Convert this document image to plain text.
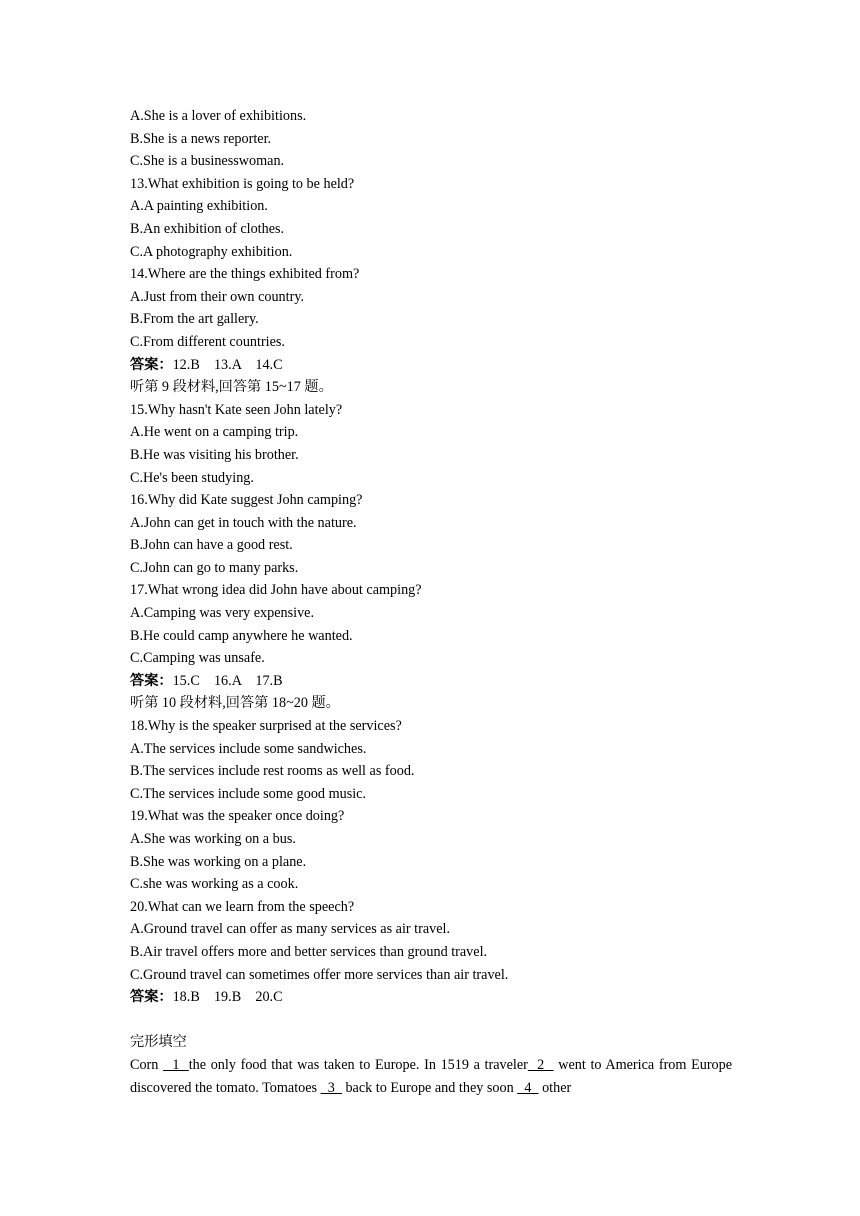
A.She is a lover of exhibitions.
B.She is a news reporter.
C.She is a businesswoman.
13.What exhibition is going to be held?
A.A painting exhibition.
B.An exhibition of clothes.
C.A photography exhibition.
14.Where are the things exhibited from?
A.Just from their own country.
B.From the art gallery.
C.From different countries.
答案：12.B　13.A　14.C
听第 9 段材料,回答第 15~17 题。
15.Why hasn't Kate seen John lately?
A.He went on a camping trip.
B.He was visiting his brother.
C.He's been studying.
16.Why did Kate suggest John camping?
A.John can get in touch with the nature.
B.John can have a good rest.
C.John can go to many parks.
17.What wrong idea did John have about camping?
A.Camping was very expensive.
B.He could camp anywhere he wanted.
C.Camping was unsafe.
答案：15.C　16.A　17.B
听第 10 段材料,回答第 18~20 题。
18.Why is the speaker surprised at the services?
A.The services include some sandwiches.
B.The services include rest rooms as well as food.
C.The services include some good music.
19.What was the speaker once doing?
A.She was working on a bus.
B.She was working on a plane.
C.she was working as a cook.
20.What can we learn from the speech?
A.Ground travel can offer as many services as air travel.
B.Air travel offers more and better services than ground travel.
C.Ground travel can sometimes offer more services than air travel.
答案：18.B　19.B　20.C
完形填空
Corn   1  the only food that was taken to Europe. In 1519 a traveler  2   went to America from Europe discovered the tomato. Tomatoes   3   back to Europe and they soon   4   other
